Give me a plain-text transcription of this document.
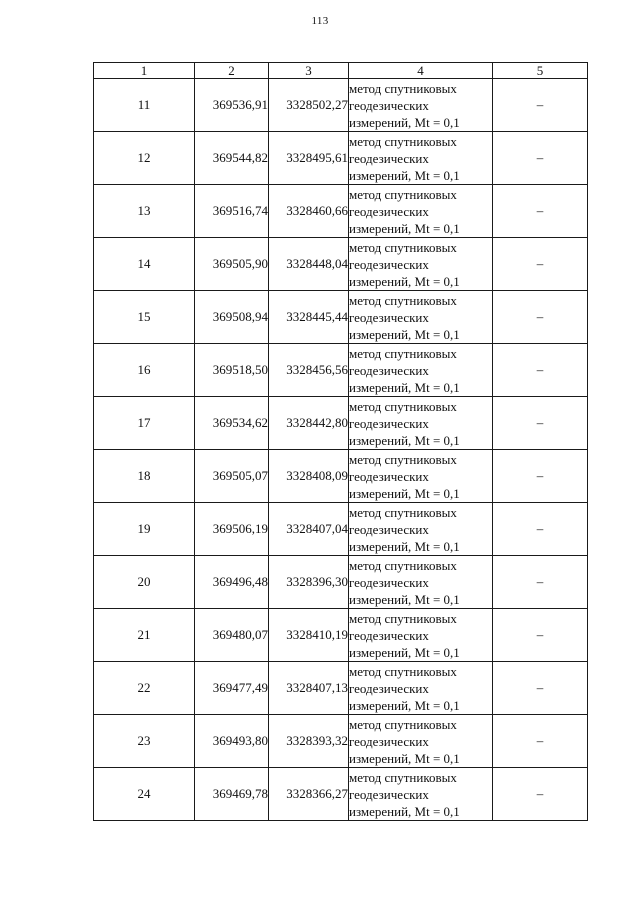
113
1	2	3	4	5
11	369536,91	3328502,27	метод спутниковых
геодезических
измерений, Mt = 0,1	–
12	369544,82	3328495,61	метод спутниковых
геодезических
измерений, Mt = 0,1	–
13	369516,74	3328460,66	метод спутниковых
геодезических
измерений, Mt = 0,1	–
14	369505,90	3328448,04	метод спутниковых
геодезических
измерений, Mt = 0,1	–
15	369508,94	3328445,44	метод спутниковых
геодезических
измерений, Mt = 0,1	–
16	369518,50	3328456,56	метод спутниковых
геодезических
измерений, Mt = 0,1	–
17	369534,62	3328442,80	метод спутниковых
геодезических
измерений, Mt = 0,1	–
18	369505,07	3328408,09	метод спутниковых
геодезических
измерений, Mt = 0,1	–
19	369506,19	3328407,04	метод спутниковых
геодезических
измерений, Mt = 0,1	–
20	369496,48	3328396,30	метод спутниковых
геодезических
измерений, Mt = 0,1	–
21	369480,07	3328410,19	метод спутниковых
геодезических
измерений, Mt = 0,1	–
22	369477,49	3328407,13	метод спутниковых
геодезических
измерений, Mt = 0,1	–
23	369493,80	3328393,32	метод спутниковых
геодезических
измерений, Mt = 0,1	–
24	369469,78	3328366,27	метод спутниковых
геодезических
измерений, Mt = 0,1	–
